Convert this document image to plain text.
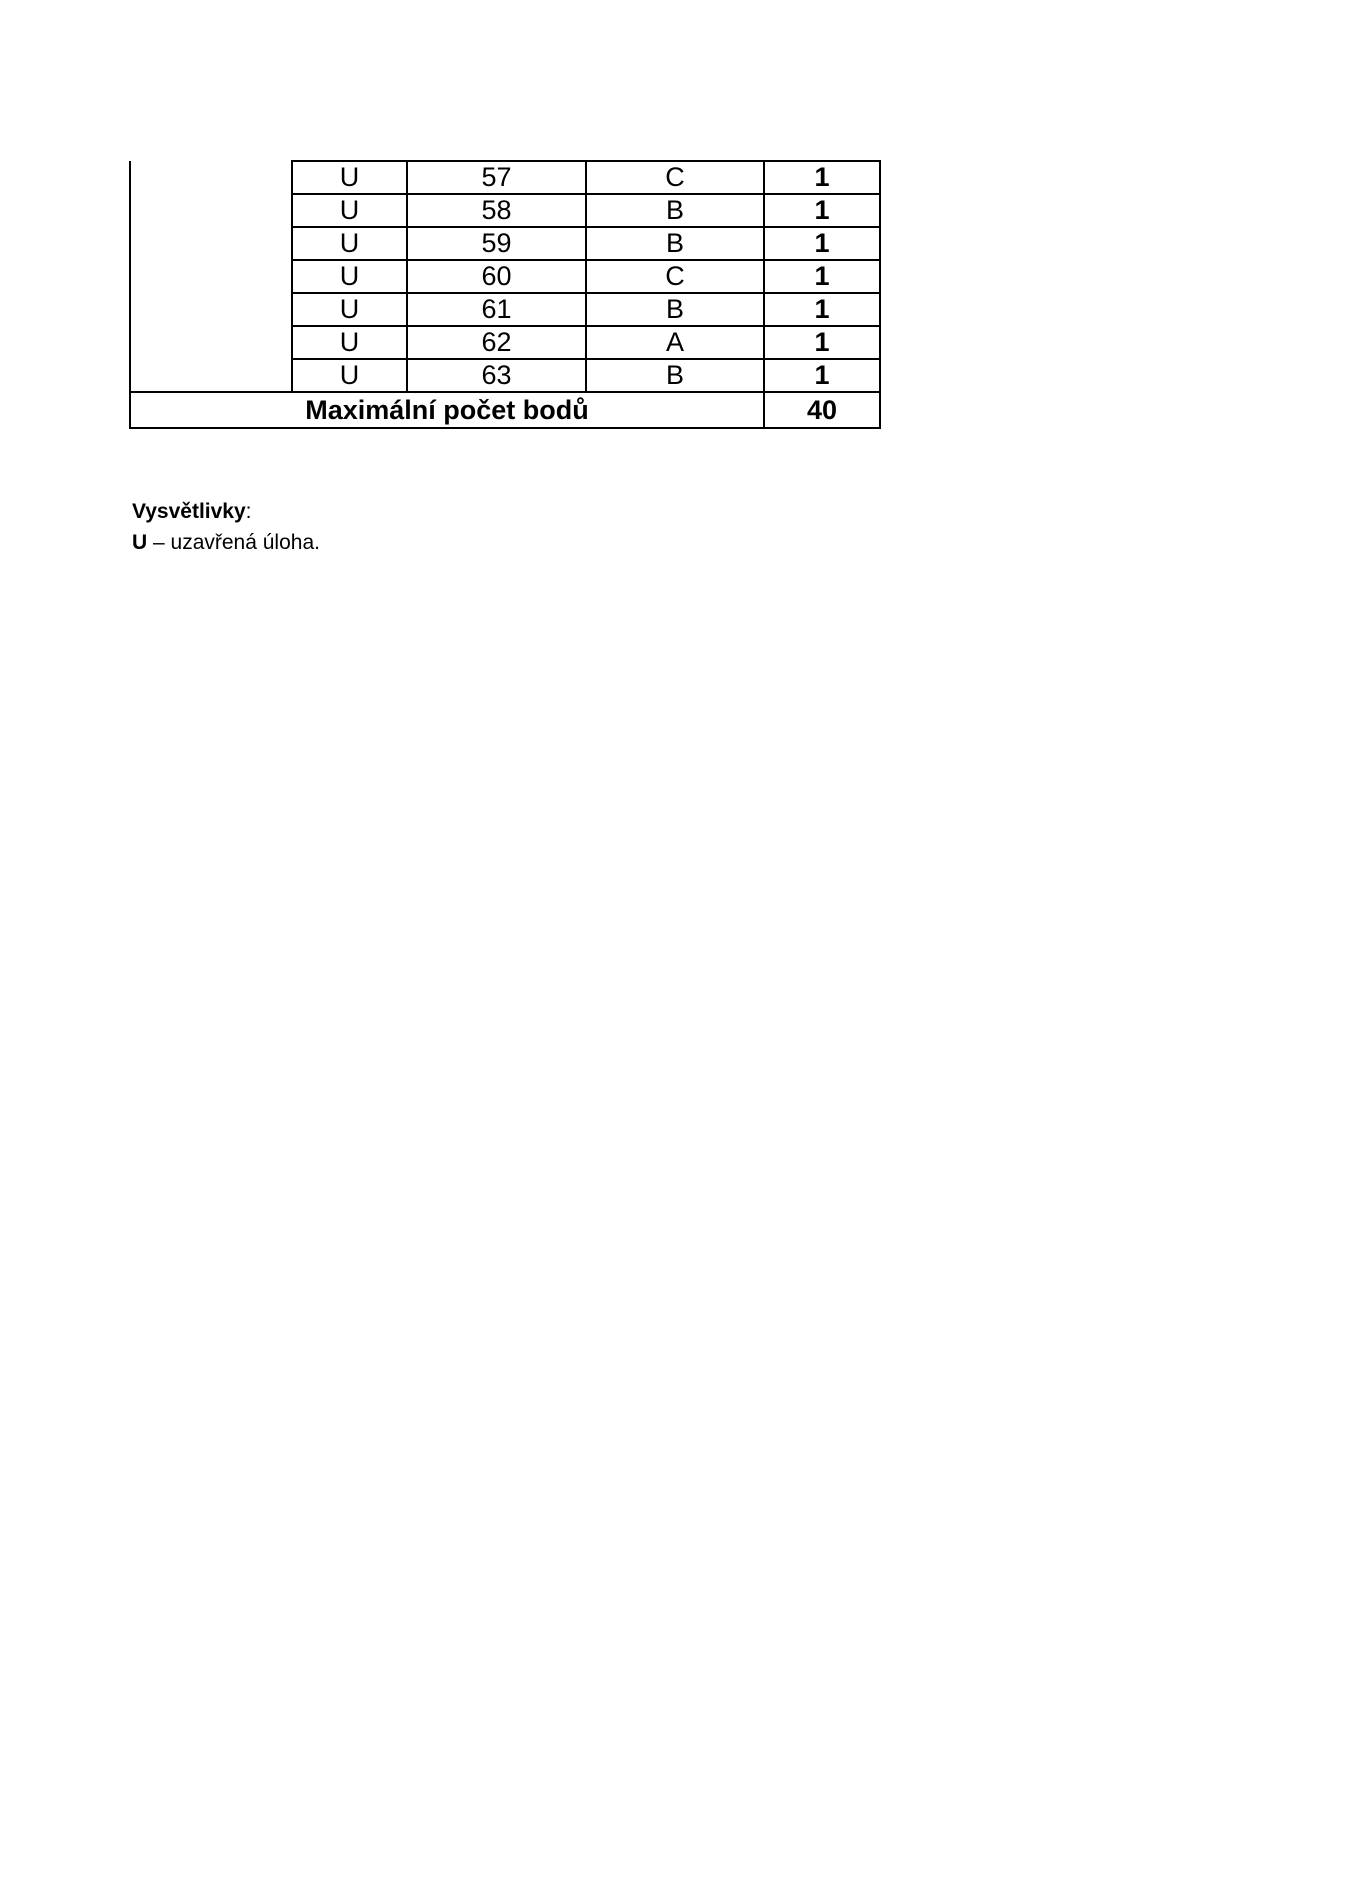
	U	57	C	1
	U	58	B	1
	U	59	B	1
	U	60	C	1
	U	61	B	1
	U	62	A	1
	U	63	B	1
Maximální počet bodů				40
Vysvětlivky:
U – uzavřená úloha.
